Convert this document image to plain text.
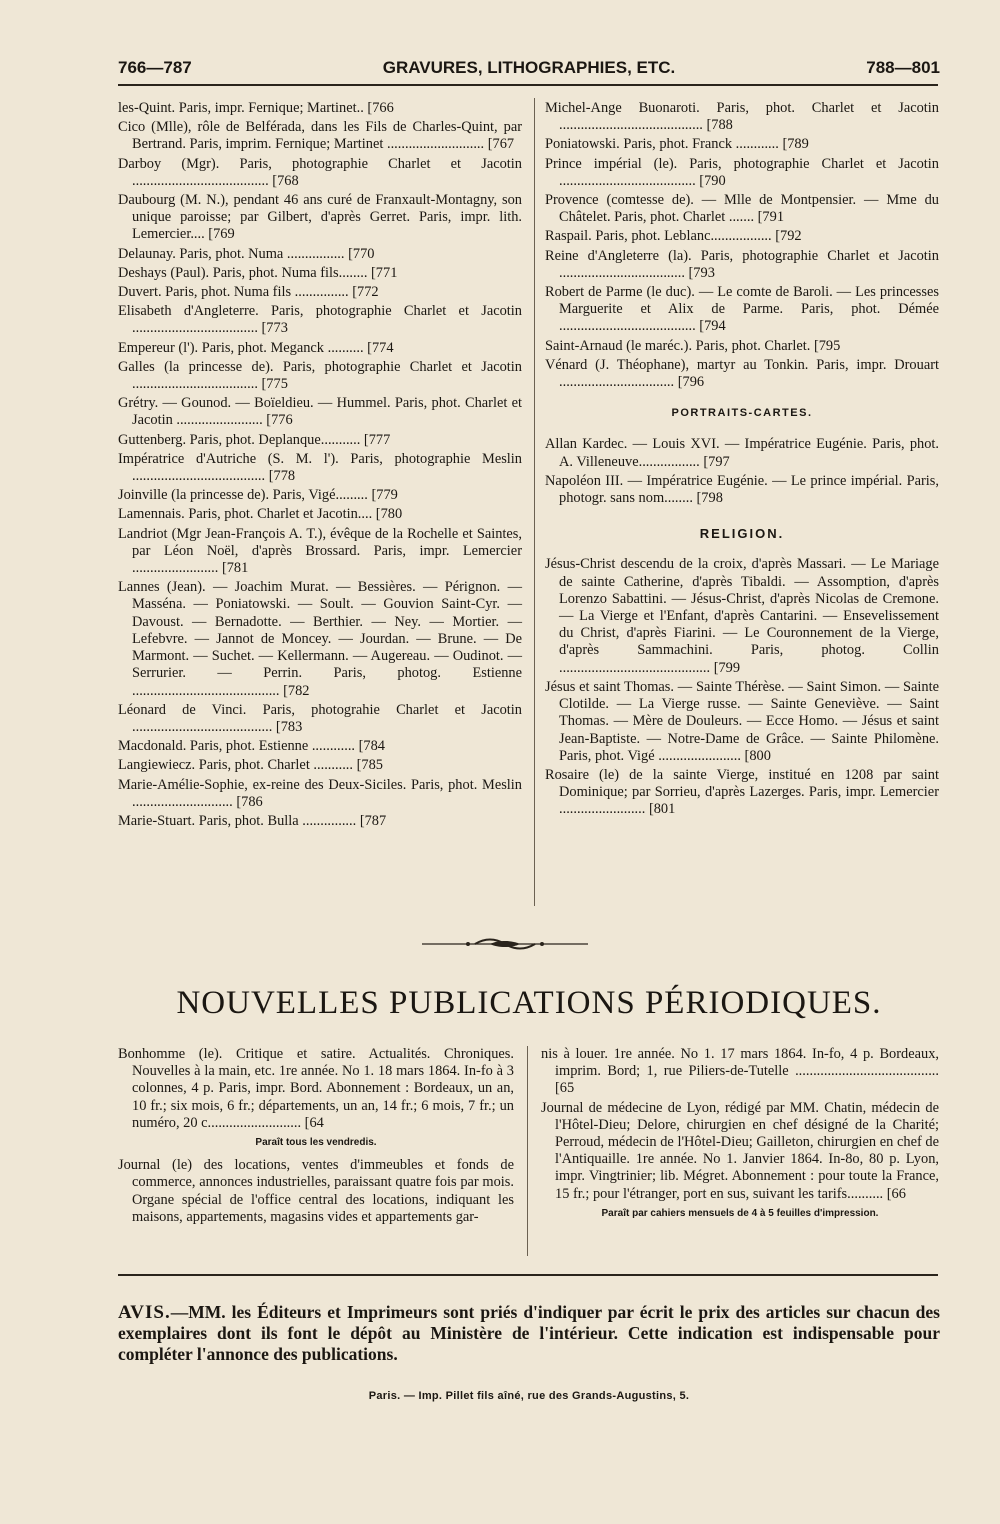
766—787	GRAVURES, LITHOGRAPHIES, ETC.	788—801

les-Quint. Paris, impr. Fernique; Martinet.. [766

Cico (Mlle), rôle de Belférada, dans les Fils de Charles-Quint, par Bertrand. Paris, imprim. Fernique; Martinet ........................... [767

Darboy (Mgr). Paris, photographie Charlet et Jacotin ...................................... [768

Daubourg (M. N.), pendant 46 ans curé de Franxault-Montagny, son unique paroisse; par Gilbert, d'après Gerret. Paris, impr. lith. Lemercier.... [769

Delaunay. Paris, phot. Numa ................ [770

Deshays (Paul). Paris, phot. Numa fils........ [771

Duvert. Paris, phot. Numa fils ............... [772

Elisabeth d'Angleterre. Paris, photographie Charlet et Jacotin ................................... [773

Empereur (l'). Paris, phot. Meganck .......... [774

Galles (la princesse de). Paris, photographie Charlet et Jacotin ................................... [775

Grétry. — Gounod. — Boïeldieu. — Hummel. Paris, phot. Charlet et Jacotin ........................ [776

Guttenberg. Paris, phot. Deplanque........... [777

Impératrice d'Autriche (S. M. l'). Paris, photographie Meslin ..................................... [778

Joinville (la princesse de). Paris, Vigé......... [779

Lamennais. Paris, phot. Charlet et Jacotin.... [780

Landriot (Mgr Jean-François A. T.), évêque de la Rochelle et Saintes, par Léon Noël, d'après Brossard. Paris, impr. Lemercier ........................ [781

Lannes (Jean). — Joachim Murat. — Bessières. — Pérignon. — Masséna. — Poniatowski. — Soult. — Gouvion Saint-Cyr. — Davoust. — Bernadotte. — Berthier. — Ney. — Mortier. — Lefebvre. — Jannot de Moncey. — Jourdan. — Brune. — De Marmont. — Suchet. — Kellermann. — Augereau. — Oudinot. — Serrurier. — Perrin. Paris, photog. Estienne ......................................... [782

Léonard de Vinci. Paris, photograhie Charlet et Jacotin ....................................... [783

Macdonald. Paris, phot. Estienne ............ [784

Langiewiecz. Paris, phot. Charlet ........... [785

Marie-Amélie-Sophie, ex-reine des Deux-Siciles. Paris, phot. Meslin ............................ [786

Marie-Stuart. Paris, phot. Bulla ............... [787

Michel-Ange Buonaroti. Paris, phot. Charlet et Jacotin ........................................ [788

Poniatowski. Paris, phot. Franck ............ [789

Prince impérial (le). Paris, photographie Charlet et Jacotin ...................................... [790

Provence (comtesse de). — Mlle de Montpensier. — Mme du Châtelet. Paris, phot. Charlet ....... [791

Raspail. Paris, phot. Leblanc................. [792

Reine d'Angleterre (la). Paris, photographie Charlet et Jacotin ................................... [793

Robert de Parme (le duc). — Le comte de Baroli. — Les princesses Marguerite et Alix de Parme. Paris, phot. Démée ...................................... [794

Saint-Arnaud (le maréc.). Paris, phot. Charlet. [795

Vénard (J. Théophane), martyr au Tonkin. Paris, impr. Drouart ................................ [796

PORTRAITS-CARTES.

Allan Kardec. — Louis XVI. — Impératrice Eugénie. Paris, phot. A. Villeneuve................. [797

Napoléon III. — Impératrice Eugénie. — Le prince impérial. Paris, photogr. sans nom........ [798

RELIGION.

Jésus-Christ descendu de la croix, d'après Massari. — Le Mariage de sainte Catherine, d'après Tibaldi. — Assomption, d'après Lorenzo Sabattini. — Jésus-Christ, d'après Nicolas de Cremone. — La Vierge et l'Enfant, d'après Cantarini. — Ensevelissement du Christ, d'après Fiarini. — Le Couronnement de la Vierge, d'après Sammachini. Paris, photog. Collin .......................................... [799

Jésus et saint Thomas. — Sainte Thérèse. — Saint Simon. — Sainte Clotilde. — La Vierge russe. — Sainte Geneviève. — Saint Thomas. — Mère de Douleurs. — Ecce Homo. — Jésus et saint Jean-Baptiste. — Notre-Dame de Grâce. — Sainte Philomène. Paris, phot. Vigé ....................... [800

Rosaire (le) de la sainte Vierge, institué en 1208 par saint Dominique; par Sorrieu, d'après Lazerges. Paris, impr. Lemercier ........................ [801

NOUVELLES PUBLICATIONS PÉRIODIQUES.

Bonhomme (le). Critique et satire. Actualités. Chroniques. Nouvelles à la main, etc. 1re année. No 1. 18 mars 1864. In-fo à 3 colonnes, 4 p. Paris, impr. Bord. Abonnement : Bordeaux, un an, 10 fr.; six mois, 6 fr.; départements, un an, 14 fr.; 6 mois, 7 fr.; un numéro, 20 c.......................... [64

Paraît tous les vendredis.

Journal (le) des locations, ventes d'immeubles et fonds de commerce, annonces industrielles, paraissant quatre fois par mois. Organe spécial de l'office central des locations, indiquant les maisons, appartements, magasins vides et appartements gar-

nis à louer. 1re année. No 1. 17 mars 1864. In-fo, 4 p. Bordeaux, imprim. Bord; 1, rue Piliers-de-Tutelle ........................................ [65

Journal de médecine de Lyon, rédigé par MM. Chatin, médecin de l'Hôtel-Dieu; Delore, chirurgien en chef désigné de la Charité; Perroud, médecin de l'Hôtel-Dieu; Gailleton, chirurgien en chef de l'Antiquaille. 1re année. No 1. Janvier 1864. In-8o, 80 p. Lyon, impr. Vingtrinier; lib. Mégret. Abonnement : pour toute la France, 15 fr.; pour l'étranger, port en sus, suivant les tarifs.......... [66

Paraît par cahiers mensuels de 4 à 5 feuilles d'impression.
AVIS.—MM. les Éditeurs et Imprimeurs sont priés d'indiquer par écrit le prix des articles sur chacun des exemplaires dont ils font le dépôt au Ministère de l'intérieur. Cette indication est indispensable pour compléter l'annonce des publications.
Paris. — Imp. Pillet fils aîné, rue des Grands-Augustins, 5.
